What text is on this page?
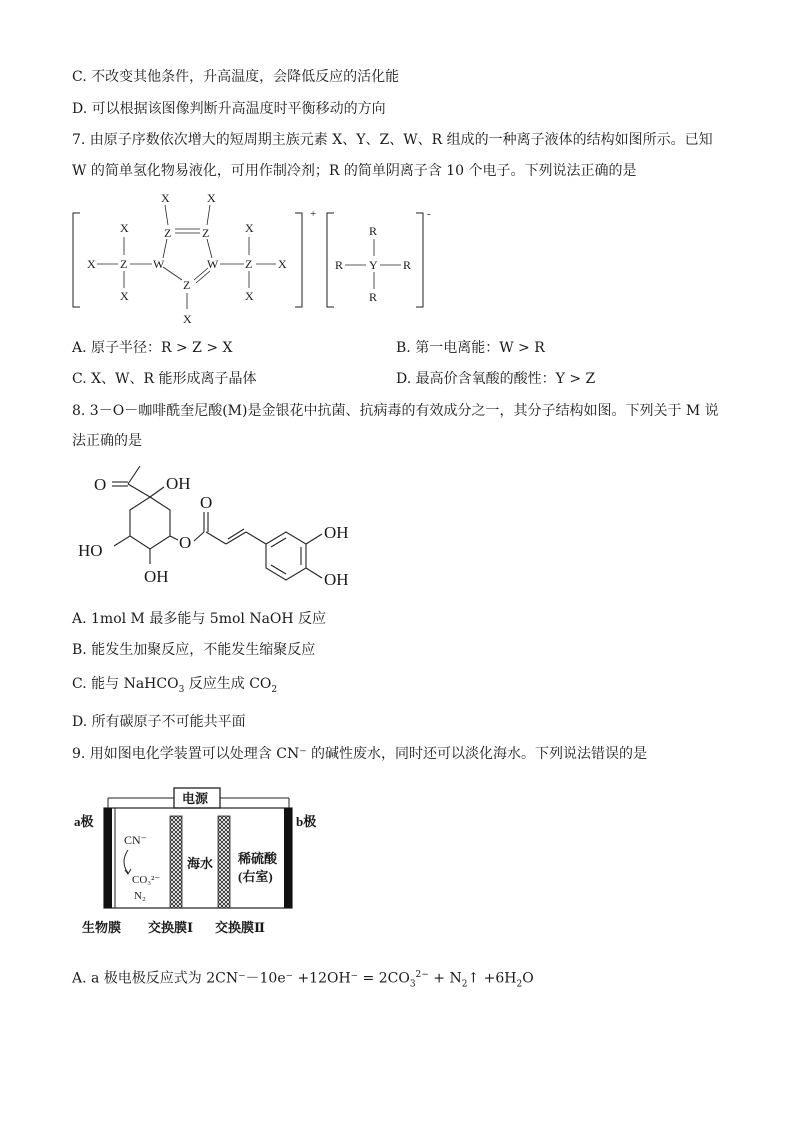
C. 不改变其他条件，升高温度，会降低反应的活化能
D. 可以根据该图像判断升高温度时平衡移动的方向
7. 由原子序数依次增大的短周期主族元素 X、Y、Z、W、R 组成的一种离子液体的结构如图所示。已知
W 的简单氢化物易液化，可用作制冷剂；R 的简单阴离子含 10 个电子。下列说法正确的是
+	-
X
X Z
X
W
Z	Z
W
Z
X	X
X
Z
X
X
X
R
R Y R
R
A. 原子半径：R > Z > X	B. 第一电离能：W > R
C. X、W、R 能形成离子晶体	D. 最高价含氧酸的酸性：Y > Z
8. 3－O－咖啡酰奎尼酸(M)是金银花中抗菌、抗病毒的有效成分之一，其分子结构如图。下列关于 M 说
法正确的是
O	OH
HO
OH
O
O
OH
OH
A. 1mol M 最多能与 5mol NaOH 反应
B. 能发生加聚反应，不能发生缩聚反应
C. 能与 NaHCO$_3$ 反应生成 $CO_2$
D. 所有碳原子不可能共平面
9. 用如图电化学装置可以处理含 CN⁻ 的碱性废水，同时还可以淡化海水。下列说法错误的是
电源
a极	b极
CN⁻
CO₃²⁻
N₂
海水 稀硫酸
(右室)
生物膜 交换膜Ⅰ 交换膜Ⅱ
A. a 极电极反应式为 $2CN^--10e^- +12OH^- = 2CO_3^{2-}$ + $N_2↑ +6H_2O$
